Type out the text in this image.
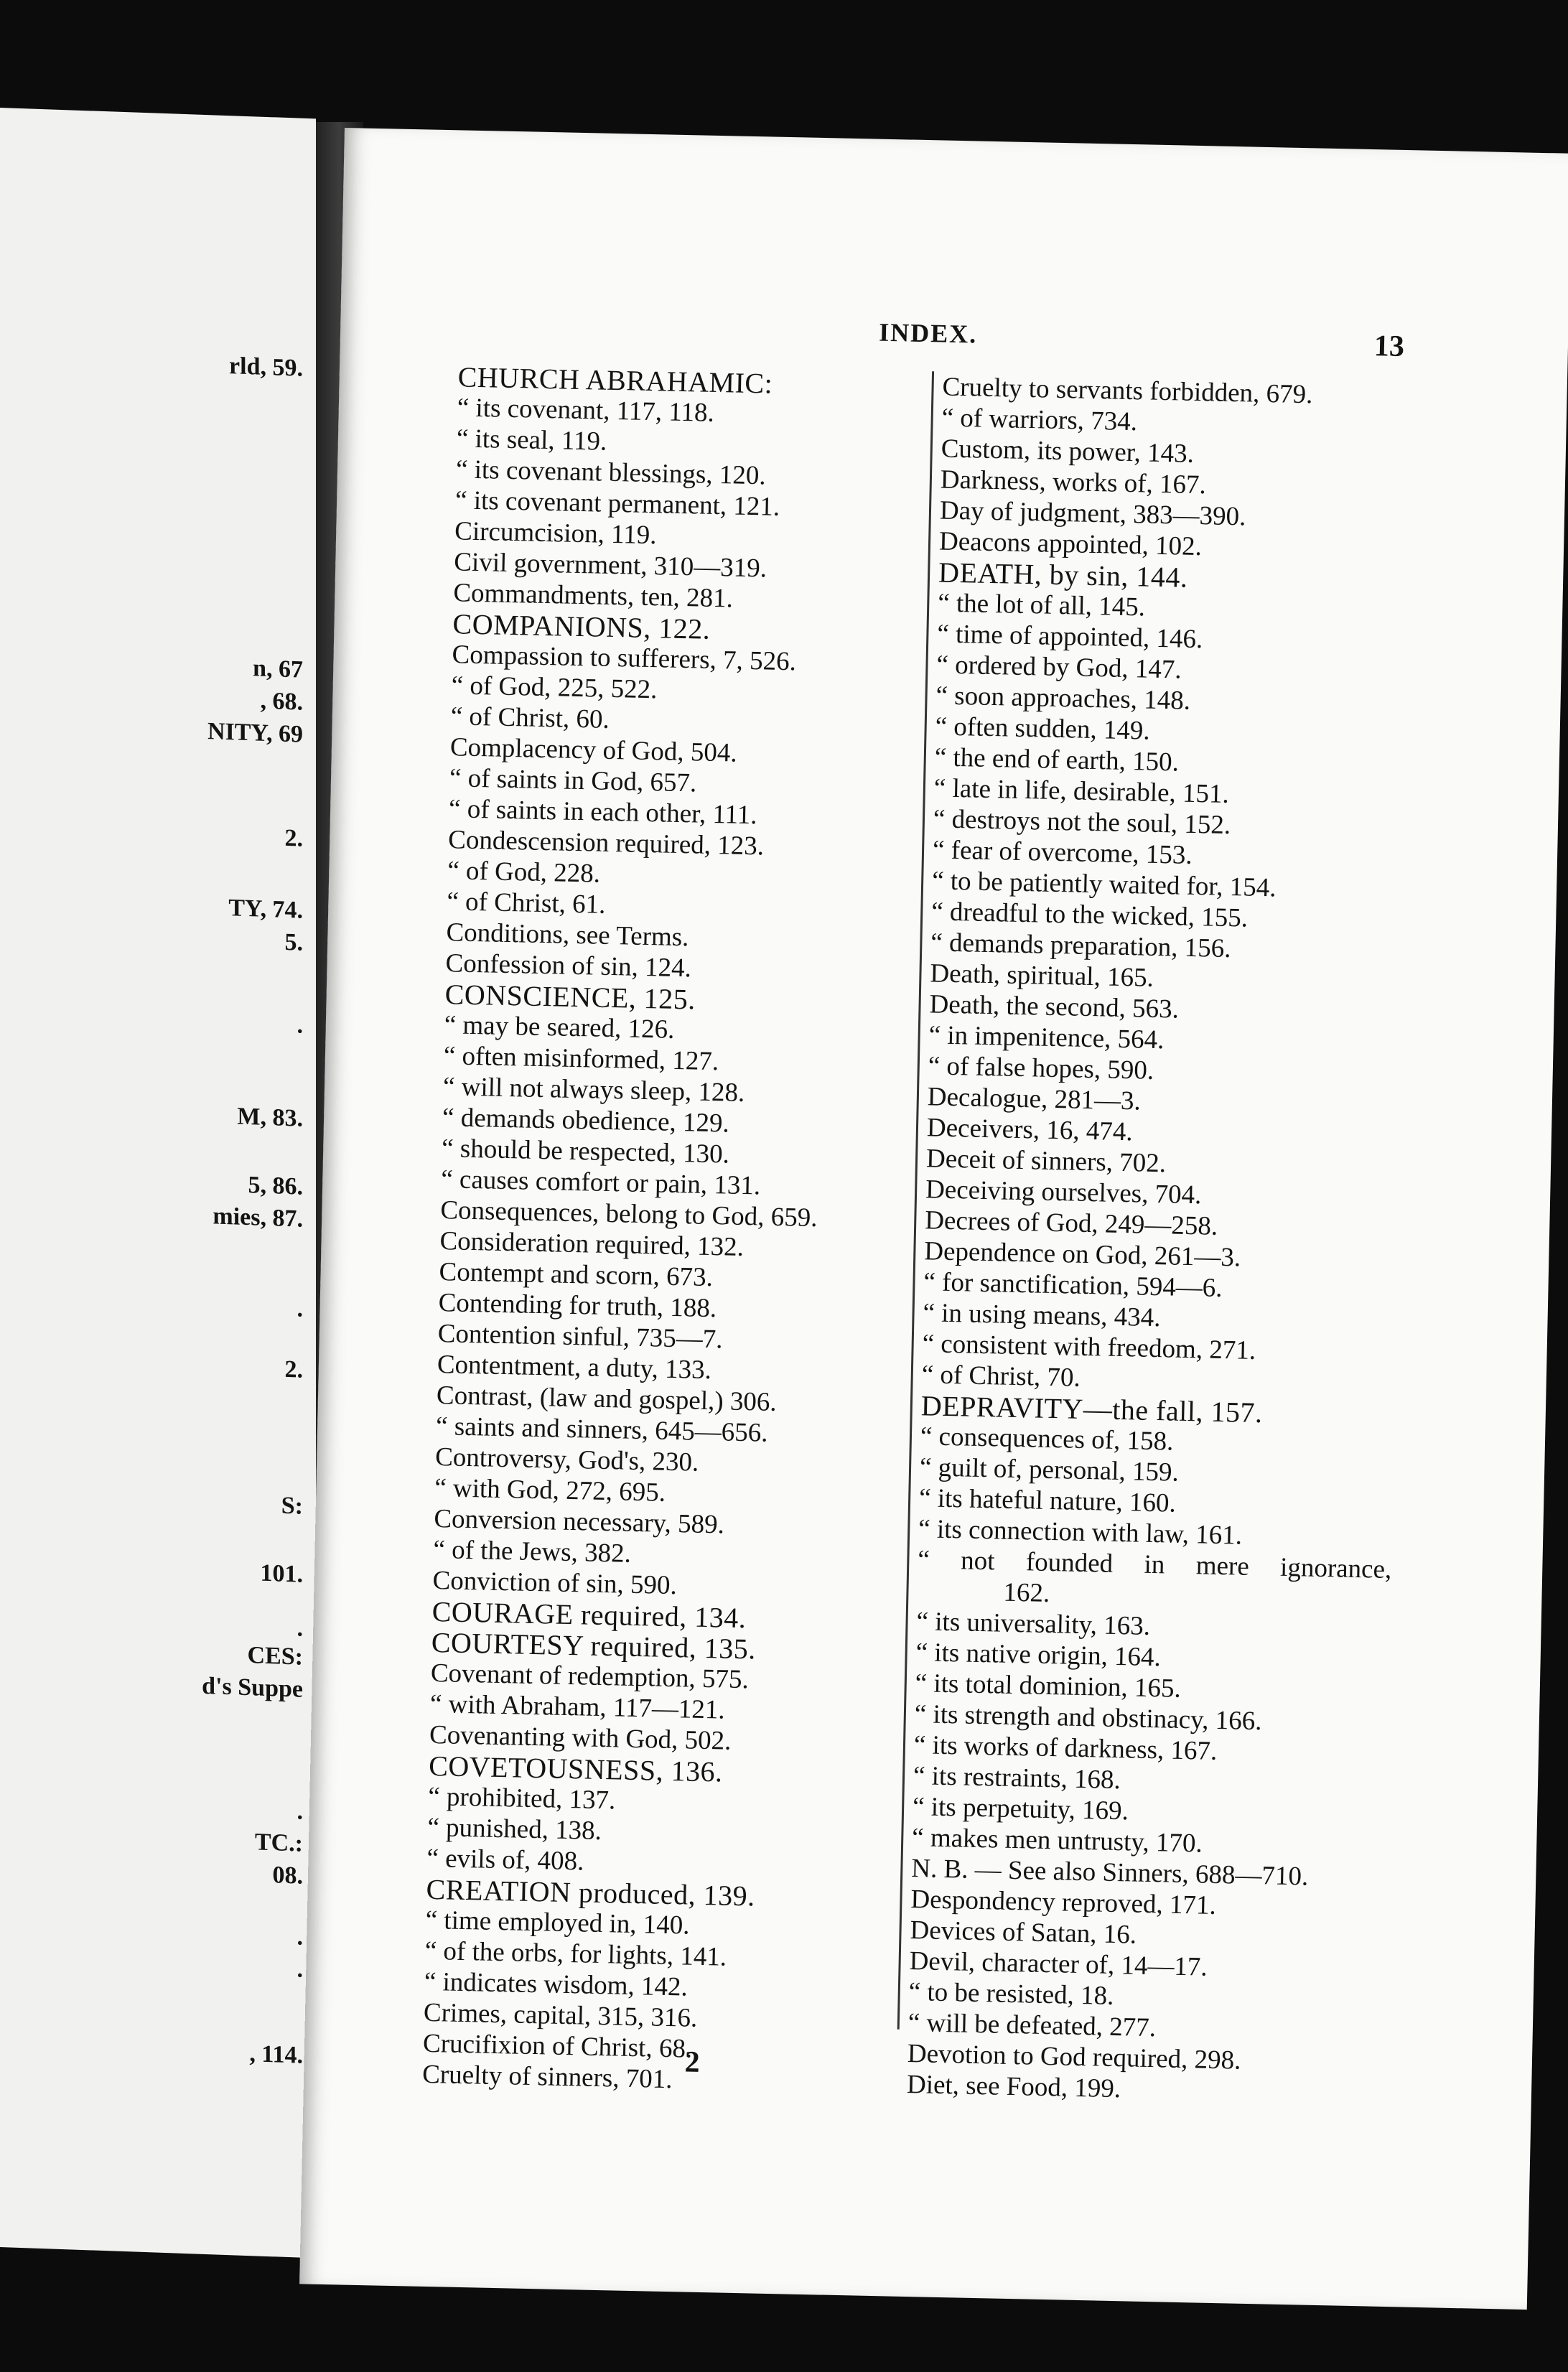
rld, 59.
n, 67
, 68.
NITY, 69
2.
TY, 74.
5.
.
M, 83.
5, 86.
mies, 87.
.
2.
S:
101.
.
CES:
d's Suppe
.
TC.:
08.
.
.
, 114.
INDEX.	13
CHURCH ABRAHAMIC:
“ its covenant, 117, 118.
“ its seal, 119.
“ its covenant blessings, 120.
“ its covenant permanent, 121.
Circumcision, 119.
Civil government, 310—319.
Commandments, ten, 281.
COMPANIONS, 122.
Compassion to sufferers, 7, 526.
“ of God, 225, 522.
“ of Christ, 60.
Complacency of God, 504.
“ of saints in God, 657.
“ of saints in each other, 111.
Condescension required, 123.
“ of God, 228.
“ of Christ, 61.
Conditions, see Terms.
Confession of sin, 124.
CONSCIENCE, 125.
“ may be seared, 126.
“ often misinformed, 127.
“ will not always sleep, 128.
“ demands obedience, 129.
“ should be respected, 130.
“ causes comfort or pain, 131.
Consequences, belong to God, 659.
Consideration required, 132.
Contempt and scorn, 673.
Contending for truth, 188.
Contention sinful, 735—7.
Contentment, a duty, 133.
Contrast, (law and gospel,) 306.
“ saints and sinners, 645—656.
Controversy, God's, 230.
“ with God, 272, 695.
Conversion necessary, 589.
“ of the Jews, 382.
Conviction of sin, 590.
COURAGE required, 134.
COURTESY required, 135.
Covenant of redemption, 575.
“ with Abraham, 117—121.
Covenanting with God, 502.
COVETOUSNESS, 136.
“ prohibited, 137.
“ punished, 138.
“ evils of, 408.
CREATION produced, 139.
“ time employed in, 140.
“ of the orbs, for lights, 141.
“ indicates wisdom, 142.
Crimes, capital, 315, 316.
Crucifixion of Christ, 68.
Cruelty of sinners, 701.
Cruelty to servants forbidden, 679.
“ of warriors, 734.
Custom, its power, 143.
Darkness, works of, 167.
Day of judgment, 383—390.
Deacons appointed, 102.
DEATH, by sin, 144.
“ the lot of all, 145.
“ time of appointed, 146.
“ ordered by God, 147.
“ soon approaches, 148.
“ often sudden, 149.
“ the end of earth, 150.
“ late in life, desirable, 151.
“ destroys not the soul, 152.
“ fear of overcome, 153.
“ to be patiently waited for, 154.
“ dreadful to the wicked, 155.
“ demands preparation, 156.
Death, spiritual, 165.
Death, the second, 563.
“ in impenitence, 564.
“ of false hopes, 590.
Decalogue, 281—3.
Deceivers, 16, 474.
Deceit of sinners, 702.
Deceiving ourselves, 704.
Decrees of God, 249—258.
Dependence on God, 261—3.
“ for sanctification, 594—6.
“ in using means, 434.
“ consistent with freedom, 271.
“ of Christ, 70.
DEPRAVITY—the fall, 157.
“ consequences of, 158.
“ guilt of, personal, 159.
“ its hateful nature, 160.
“ its connection with law, 161.
“ not founded in mere ignorance,
162.
“ its universality, 163.
“ its native origin, 164.
“ its total dominion, 165.
“ its strength and obstinacy, 166.
“ its works of darkness, 167.
“ its restraints, 168.
“ its perpetuity, 169.
“ makes men untrusty, 170.
N. B. — See also Sinners, 688—710.
Despondency reproved, 171.
Devices of Satan, 16.
Devil, character of, 14—17.
“ to be resisted, 18.
“ will be defeated, 277.
Devotion to God required, 298.
Diet, see Food, 199.
2
